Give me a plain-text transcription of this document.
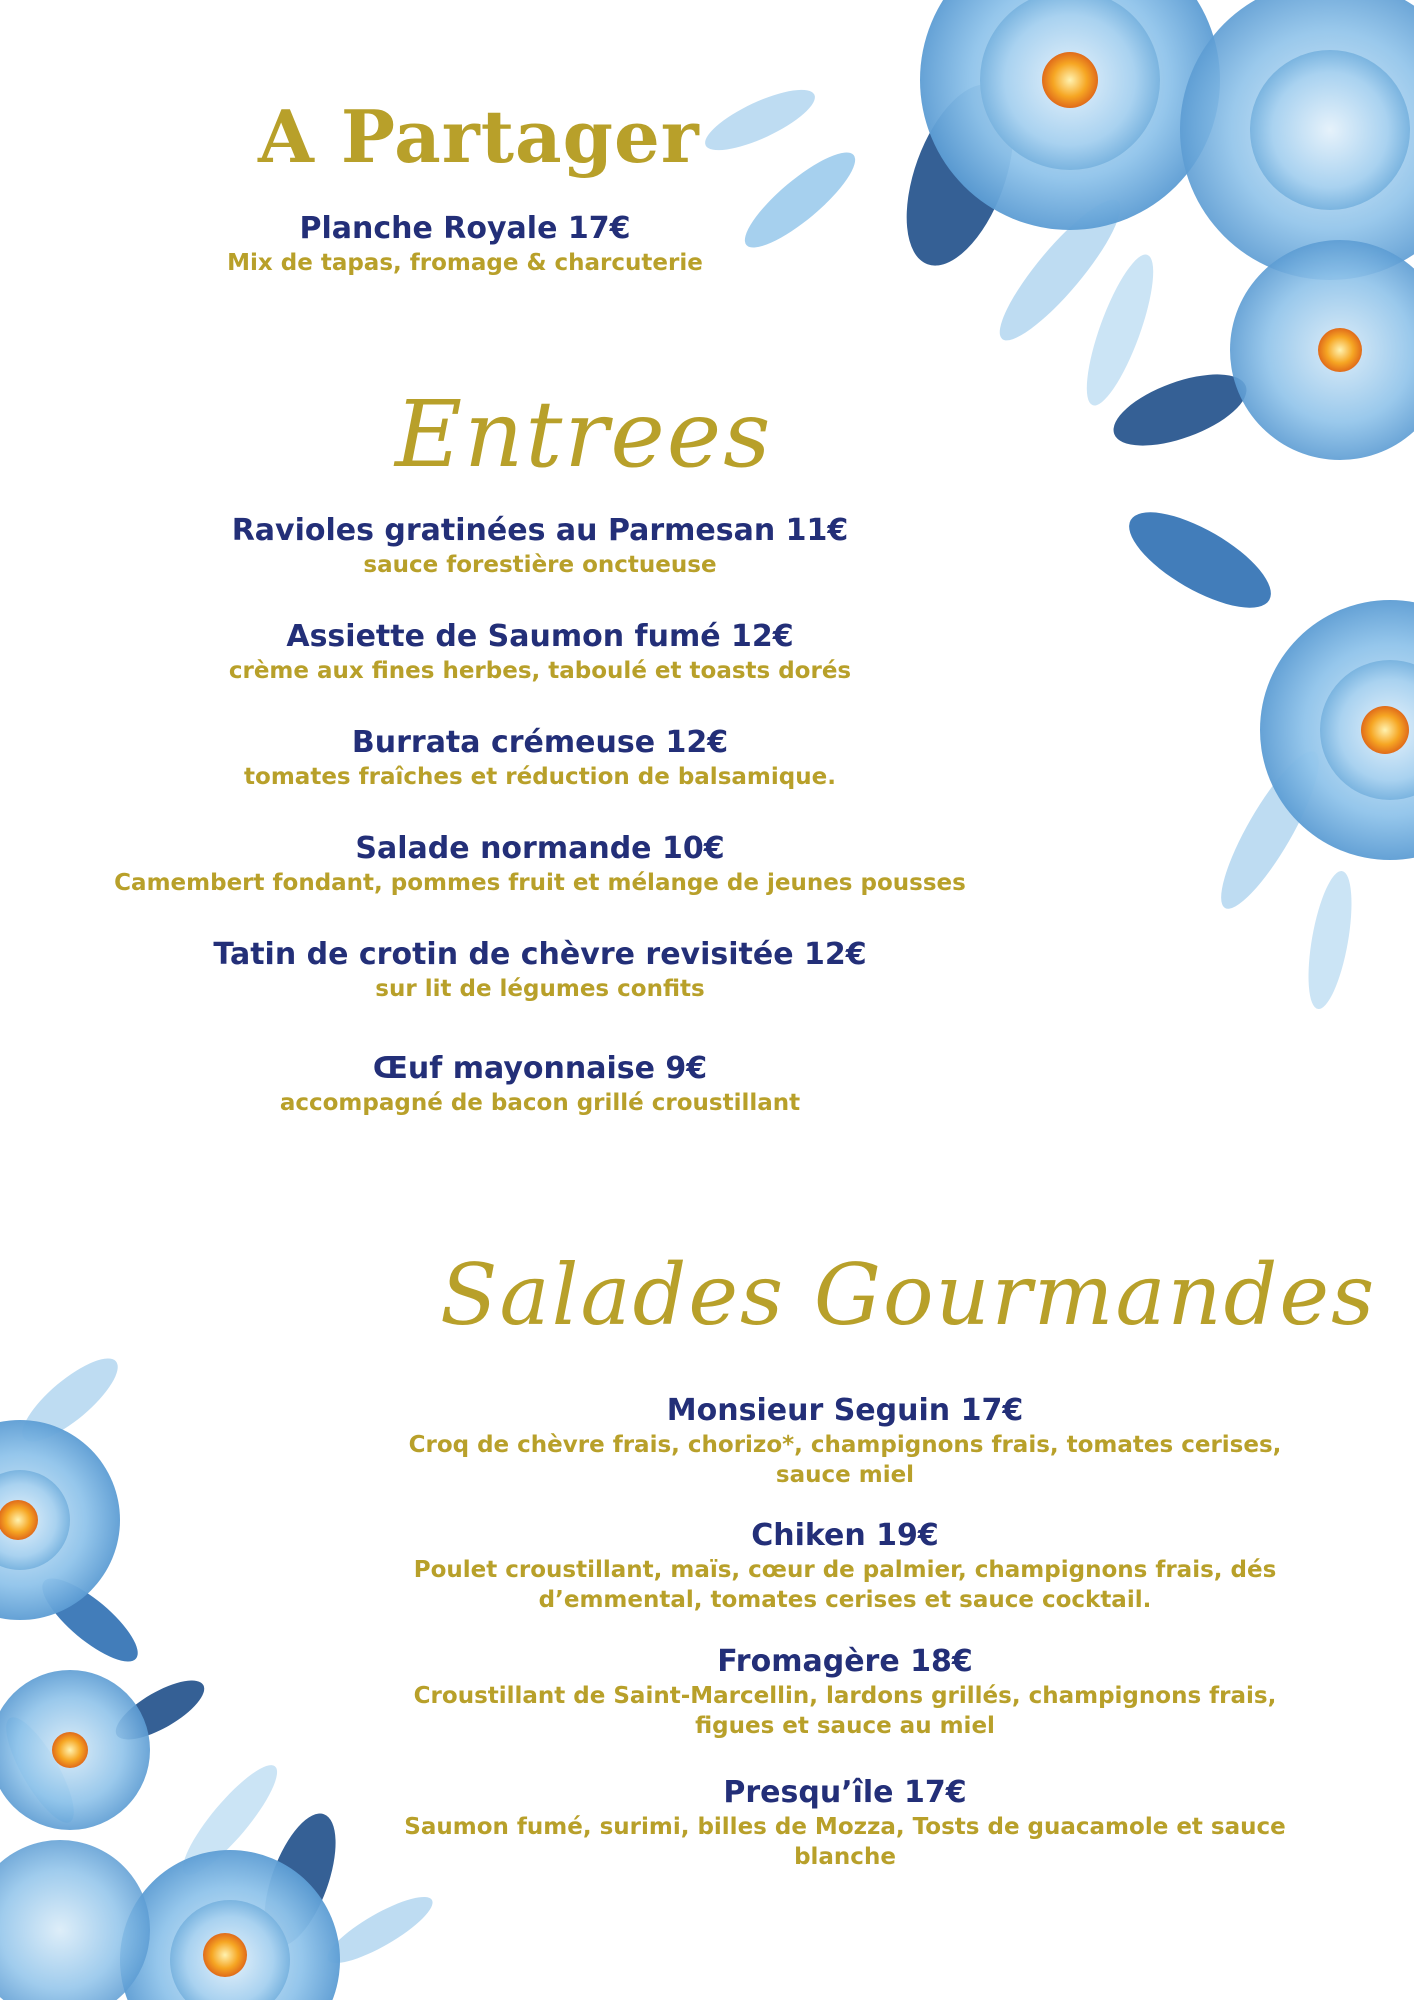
A Partager
Planche Royale 17€
Mix de tapas, fromage & charcuterie
Entrees
Ravioles gratinées au Parmesan 11€
sauce forestière onctueuse
Assiette de Saumon fumé 12€
crème aux fines herbes, taboulé et toasts dorés
Burrata crémeuse 12€
tomates fraîches et réduction de balsamique.
Salade normande 10€
Camembert fondant, pommes fruit et mélange de jeunes pousses
Tatin de crotin de chèvre revisitée 12€
sur lit de légumes confits
Œuf mayonnaise 9€
accompagné de bacon grillé croustillant
Salades Gourmandes
Monsieur Seguin 17€
Croq de chèvre frais, chorizo*, champignons frais, tomates cerises, sauce miel
Chiken 19€
Poulet croustillant, maïs, cœur de palmier, champignons frais, dés d’emmental, tomates cerises et sauce cocktail.
Fromagère 18€
Croustillant de Saint-Marcellin, lardons grillés, champignons frais, figues et sauce au miel
Presqu’île 17€
Saumon fumé, surimi, billes de Mozza, Tosts de guacamole et sauce blanche
